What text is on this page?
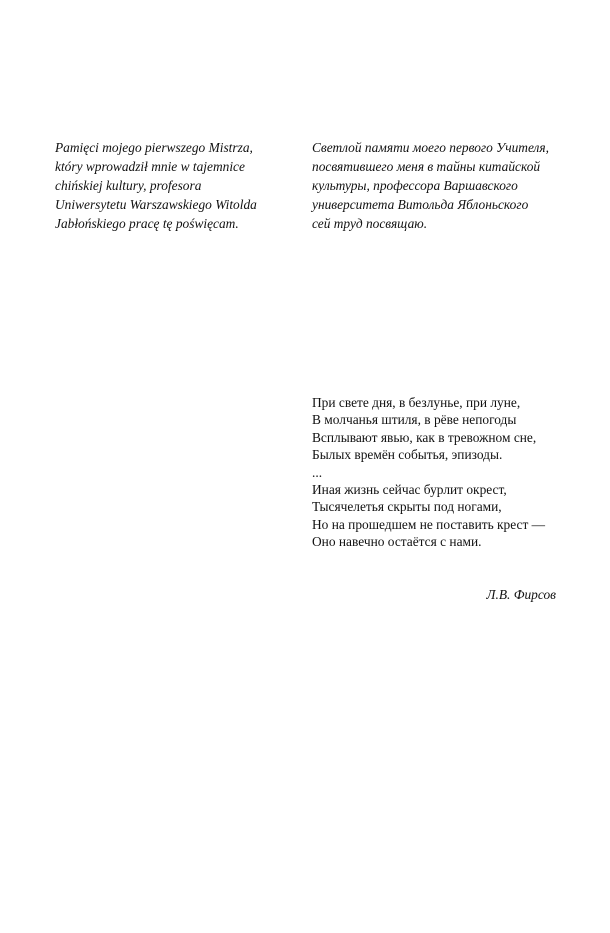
Pamięci mojego pierwszego Mistrza,
który wprowadził mnie w tajemnice
chińskiej kultury, profesora
Uniwersytetu Warszawskiego Witolda
Jabłońskiego pracę tę poświęcam.

Светлой памяти моего первого Учителя,
посвятившего меня в тайны китайской
культуры, профессора Варшавского
университета Витольда Яблоньского
сей труд посвящаю.

При свете дня, в безлунье, при луне,
В молчанья штиля, в рёве непогоды
Всплывают явью, как в тревожном сне,
Былых времён событья, эпизоды.
...
Иная жизнь сейчас бурлит окрест,
Тысячелетья скрыты под ногами,
Но на прошедшем не поставить крест —
Оно навечно остаётся с нами.

Л.В. Фирсов
